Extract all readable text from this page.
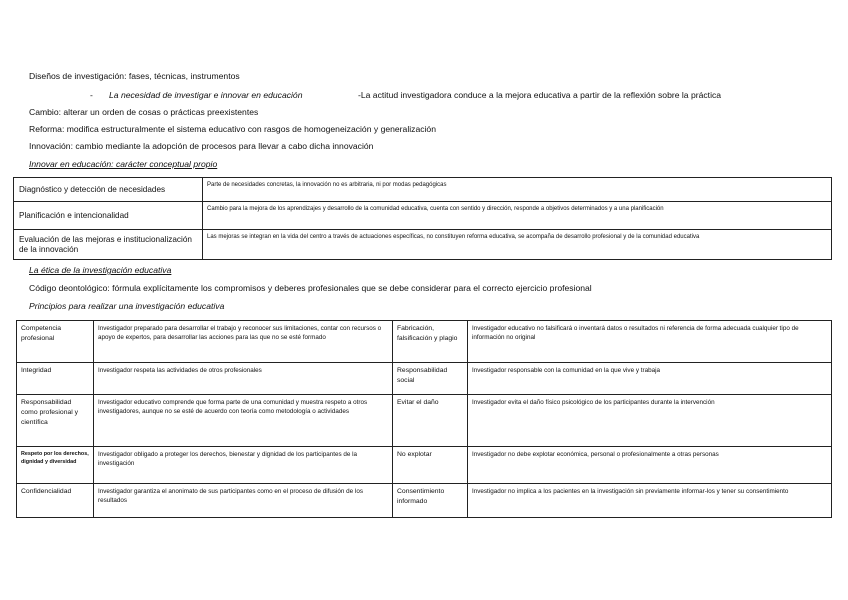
Diseños de investigación: fases, técnicas, instrumentos
- La necesidad de investigar e innovar en educación	-La actitud investigadora conduce a la mejora educativa a partir de la reflexión sobre la práctica
Cambio: alterar un orden de cosas o prácticas preexistentes
Reforma: modifica estructuralmente el sistema educativo con rasgos de homogeneización y generalización
Innovación: cambio mediante la adopción de procesos para llevar a cabo dicha innovación
Innovar en educación: carácter conceptual propio
Diagnóstico y detección de necesidades	Parte de necesidades concretas, la innovación no es arbitraria, ni por modas pedagógicas
Planificación e intencionalidad	Cambio para la mejora de los aprendizajes y desarrollo de la comunidad educativa, cuenta con sentido y dirección, responde a objetivos determinados y a una planificación
Evaluación de las mejoras e institucionalización de la innovación	Las mejoras se integran en la vida del centro a través de actuaciones específicas, no constituyen reforma educativa, se acompaña de desarrollo profesional y de la comunidad educativa
La ética de la investigación educativa
Código deontológico: fórmula explícitamente los compromisos y deberes profesionales que se debe considerar para el correcto ejercicio profesional
Principios para realizar una investigación educativa
Competencia profesional	Investigador preparado para desarrollar el trabajo y reconocer sus limitaciones, contar con recursos o apoyo de expertos, para desarrollar las acciones para las que no se esté formado	Fabricación, falsificación y plagio	Investigador educativo no falsificará o inventará datos o resultados ni referencia de forma adecuada cualquier tipo de información no original
Integridad	Investigador respeta las actividades de otros profesionales	Responsabilidad social	Investigador responsable con la comunidad en la que vive y trabaja
Responsabilidad como profesional y científica	Investigador educativo comprende que forma parte de una comunidad y muestra respeto a otros investigadores, aunque no se esté de acuerdo con teoría como metodología o actividades	Evitar el daño	Investigador evita el daño físico psicológico de los participantes durante la intervención
Respeto por los derechos, dignidad y diversidad	Investigador obligado a proteger los derechos, bienestar y dignidad de los participantes de la investigación	No explotar	Investigador no debe explotar económica, personal o profesionalmente a otras personas
Confidencialidad	Investigador garantiza el anonimato de sus participantes como en el proceso de difusión de los resultados	Consentimiento informado	Investigador no implica a los pacientes en la investigación sin previamente informar-los y tener su consentimiento
